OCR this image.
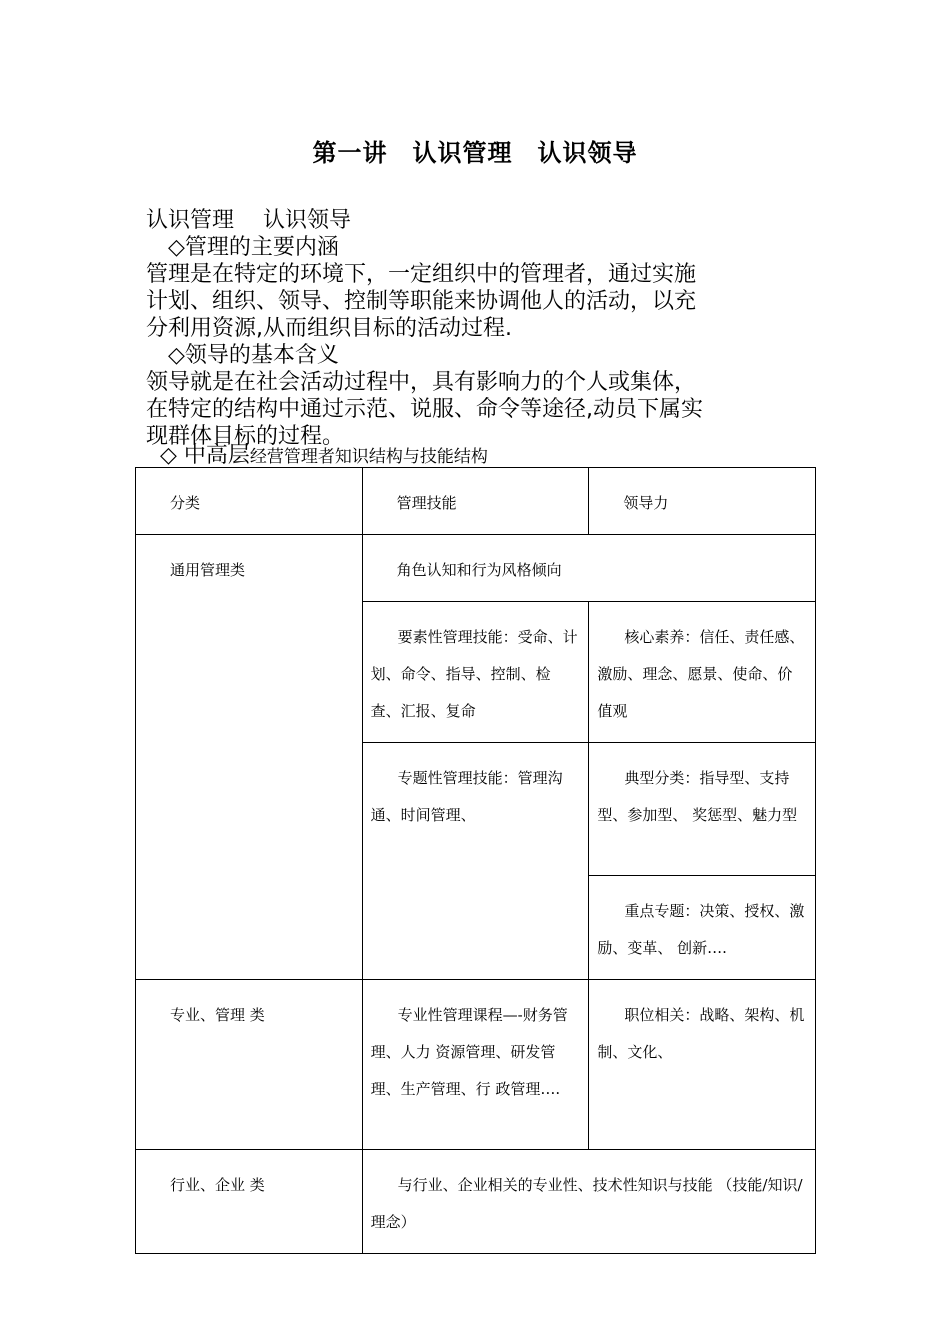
第一讲　认识管理　认识领导
认识管理　 认识领导
◇管理的主要内涵
管理是在特定的环境下，一定组织中的管理者，通过实施
计划、组织、领导、控制等职能来协调他人的活动，以充
分利用资源,从而组织目标的活动过程.
◇领导的基本含义
领导就是在社会活动过程中，具有影响力的个人或集体，
在特定的结构中通过示范、说服、命令等途径,动员下属实
现群体目标的过程。
◇ 中高层经营管理者知识结构与技能结构
分类	管理技能	领导力
通用管理类	角色认知和行为风格倾向	
	要素性管理技能：受命、计划、命令、指导、控制、检查、汇报、复命	核心素养：信任、责任感、激励、理念、愿景、使命、价值观
	专题性管理技能：管理沟通、时间管理、	典型分类：指导型、支持型、参加型、 奖惩型、魅力型
		重点专题：决策、授权、激励、变革、 创新….
专业、管理 类	专业性管理课程—-财务管理、人力 资源管理、研发管理、生产管理、行 政管理….	职位相关：战略、架构、机制、文化、
行业、企业 类	与行业、企业相关的专业性、技术性知识与技能 （技能/知识/理念）	
